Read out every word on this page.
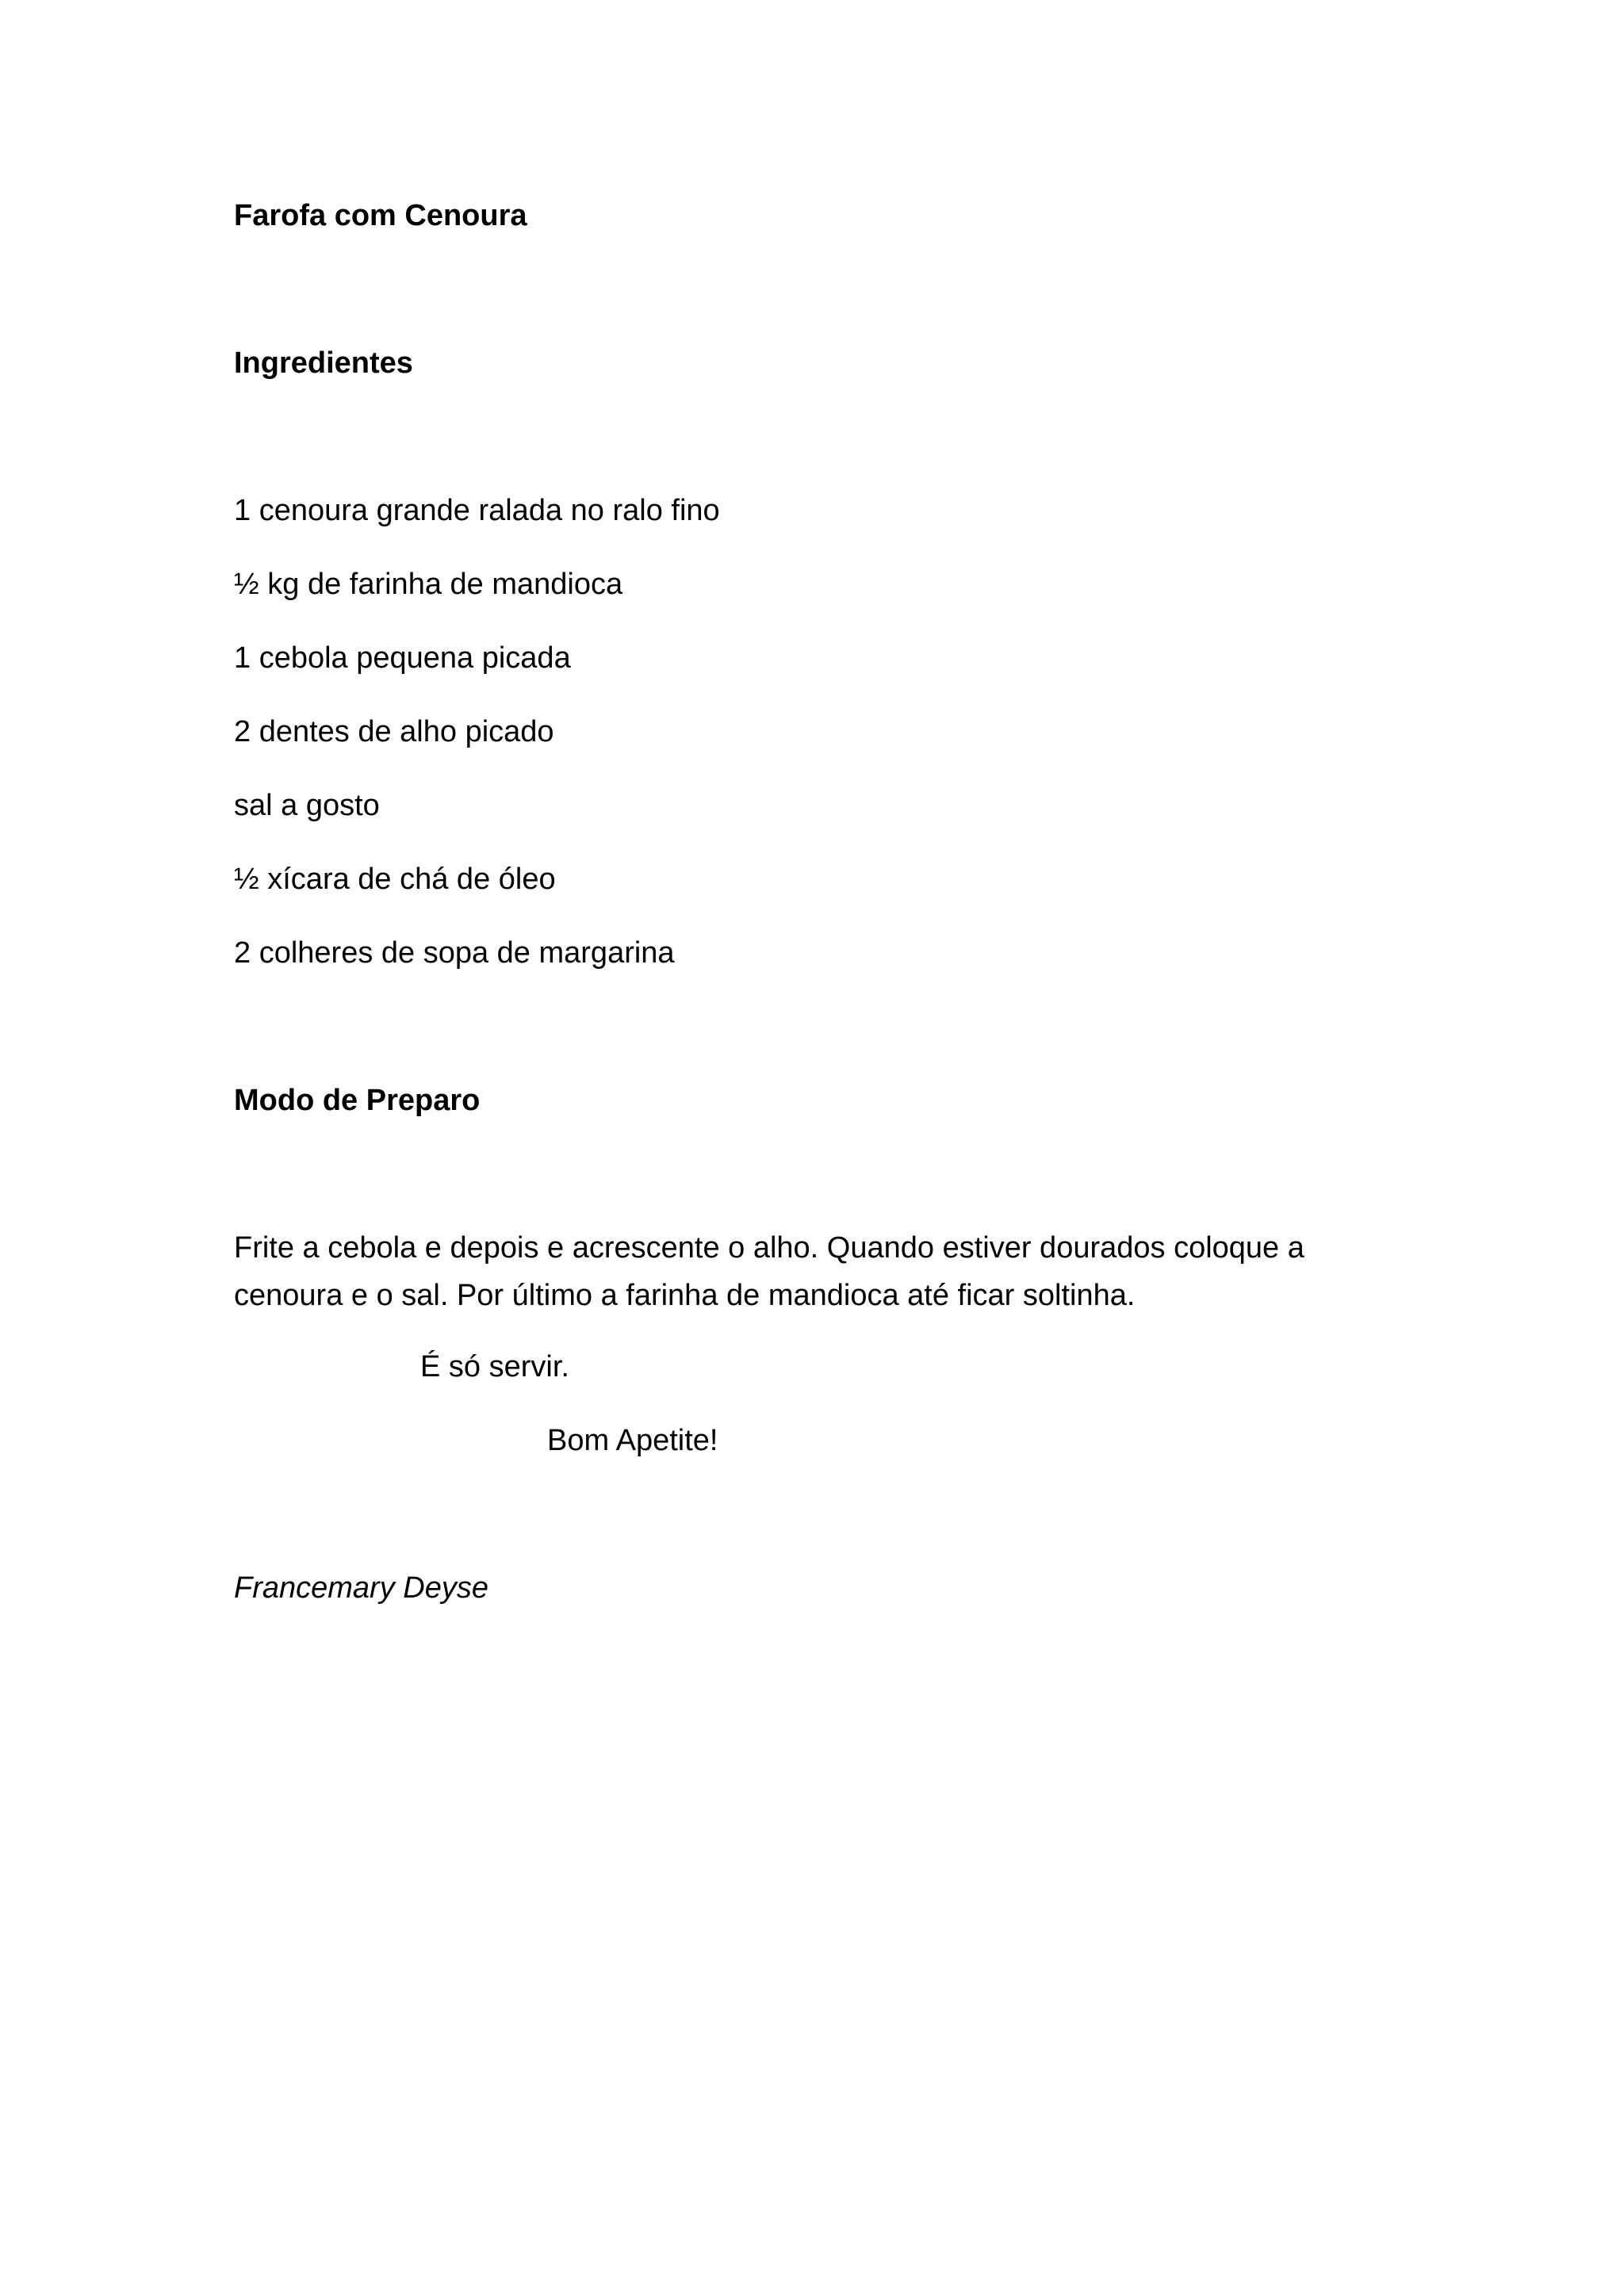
Farofa com Cenoura
Ingredientes
1 cenoura grande ralada no ralo fino
½ kg de farinha de mandioca
1 cebola pequena picada
2 dentes de alho picado
sal a gosto
½ xícara de chá de óleo
2 colheres de sopa de margarina
Modo de Preparo
Frite a cebola e depois e acrescente o alho. Quando estiver dourados coloque a
cenoura e o sal. Por último a farinha de mandioca até ficar soltinha.
É só servir.
Bom Apetite!
Francemary Deyse
